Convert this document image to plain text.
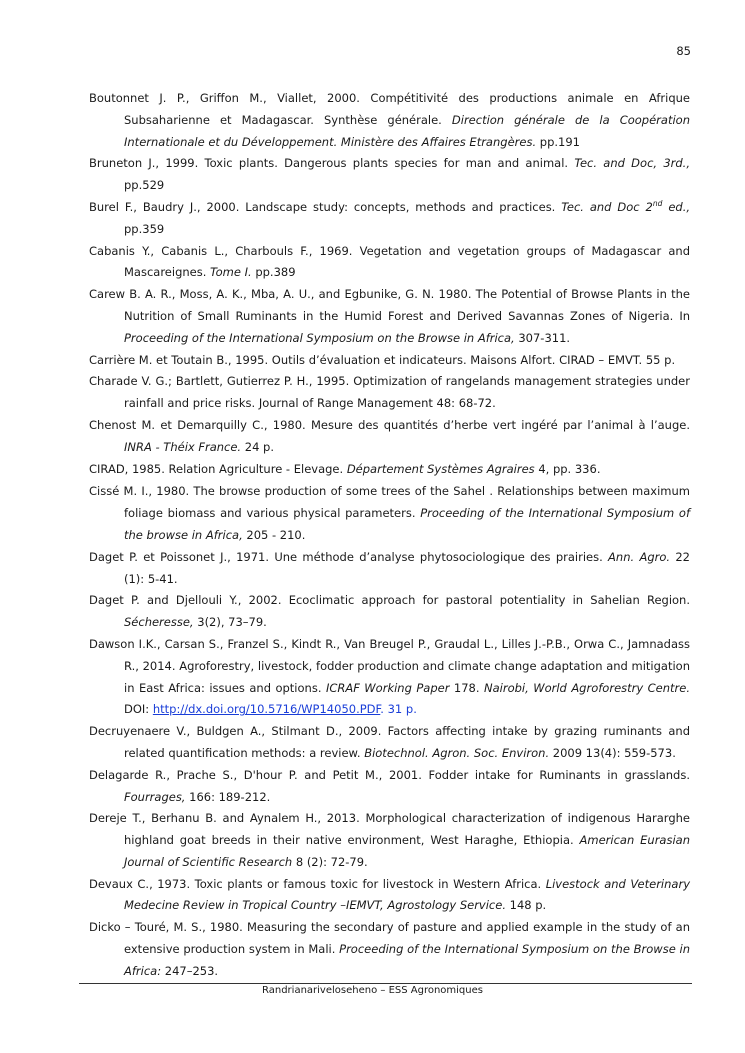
85
Boutonnet J. P., Griffon M., Viallet, 2000. Compétitivité des productions animale en Afrique Subsaharienne et Madagascar. Synthèse générale. Direction générale de la Coopération Internationale et du Développement. Ministère des Affaires Etrangères. pp.191
Bruneton J., 1999. Toxic plants. Dangerous plants species for man and animal. Tec. and Doc, 3rd., pp.529
Burel F., Baudry J., 2000. Landscape study: concepts, methods and practices. Tec. and Doc 2nd ed., pp.359
Cabanis Y., Cabanis L., Charbouls F., 1969. Vegetation and vegetation groups of Madagascar and Mascareignes. Tome I. pp.389
Carew B. A. R., Moss, A. K., Mba, A. U., and Egbunike, G. N. 1980. The Potential of Browse Plants in the Nutrition of Small Ruminants in the Humid Forest and Derived Savannas Zones of Nigeria. In Proceeding of the International Symposium on the Browse in Africa, 307-311.
Carrière M. et Toutain B., 1995. Outils d’évaluation et indicateurs. Maisons Alfort. CIRAD – EMVT. 55 p.
Charade V. G.; Bartlett, Gutierrez P. H., 1995. Optimization of rangelands management strategies under rainfall and price risks. Journal of Range Management 48: 68-72.
Chenost M. et Demarquilly C., 1980. Mesure des quantités d’herbe vert ingéré par l’animal à l’auge. INRA - Théix France. 24 p.
CIRAD, 1985. Relation Agriculture - Elevage. Département Systèmes Agraires 4, pp. 336.
Cissé M. I., 1980. The browse production of some trees of the Sahel . Relationships between maximum foliage biomass and various physical parameters. Proceeding of the International Symposium of the browse in Africa, 205 - 210.
Daget P. et Poissonet J., 1971. Une méthode d’analyse phytosociologique des prairies. Ann. Agro. 22 (1): 5-41.
Daget P. and Djellouli Y., 2002. Ecoclimatic approach for pastoral potentiality in Sahelian Region. Sécheresse, 3(2), 73–79.
Dawson I.K., Carsan S., Franzel S., Kindt R., Van Breugel P., Graudal L., Lilles J.-P.B., Orwa C., Jamnadass R., 2014. Agroforestry, livestock, fodder production and climate change adaptation and mitigation in East Africa: issues and options. ICRAF Working Paper 178. Nairobi, World Agroforestry Centre. DOI: http://dx.doi.org/10.5716/WP14050.PDF. 31 p.
Decruyenaere V., Buldgen A., Stilmant D., 2009. Factors affecting intake by grazing ruminants and related quantification methods: a review. Biotechnol. Agron. Soc. Environ. 2009 13(4): 559-573.
Delagarde R., Prache S., D'hour P. and Petit M., 2001. Fodder intake for Ruminants in grasslands. Fourrages, 166: 189-212.
Dereje T., Berhanu B. and Aynalem H., 2013. Morphological characterization of indigenous Hararghe highland goat breeds in their native environment, West Haraghe, Ethiopia. American Eurasian Journal of Scientific Research 8 (2): 72-79.
Devaux C., 1973. Toxic plants or famous toxic for livestock in Western Africa. Livestock and Veterinary Medecine Review in Tropical Country –IEMVT, Agrostology Service. 148 p.
Dicko – Touré, M. S., 1980. Measuring the secondary of pasture and applied example in the study of an extensive production system in Mali. Proceeding of the International Symposium on the Browse in Africa: 247–253.
Randrianarivelosehenо – ESS Agronomiques
